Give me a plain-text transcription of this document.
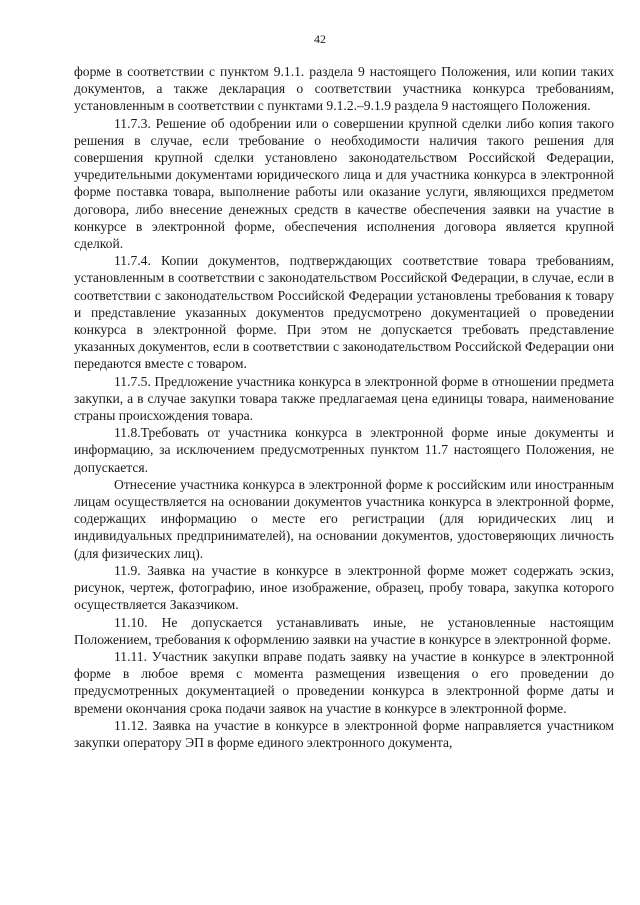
42

форме в соответствии с пунктом 9.1.1. раздела 9 настоящего Положения, или копии таких документов, а также декларация о соответствии участника конкурса требованиям, установленным в соответствии с пунктами 9.1.2.–9.1.9 раздела 9 настоящего Положения.

11.7.3. Решение об одобрении или о совершении крупной сделки либо копия такого решения в случае, если требование о необходимости наличия такого решения для совершения крупной сделки установлено законодательством Российской Федерации, учредительными документами юридического лица и для участника конкурса в электронной форме поставка товара, выполнение работы или оказание услуги, являющихся предметом договора, либо внесение денежных средств в качестве обеспечения заявки на участие в конкурсе в электронной форме, обеспечения исполнения договора является крупной сделкой.

11.7.4. Копии документов, подтверждающих соответствие товара требованиям, установленным в соответствии с законодательством Российской Федерации, в случае, если в соответствии с законодательством Российской Федерации установлены требования к товару и представление указанных документов предусмотрено документацией о проведении конкурса в электронной форме. При этом не допускается требовать представление указанных документов, если в соответствии с законодательством Российской Федерации они передаются вместе с товаром.

11.7.5. Предложение участника конкурса в электронной форме в отношении предмета закупки, а в случае закупки товара также предлагаемая цена единицы товара, наименование страны происхождения товара.

11.8.Требовать от участника конкурса в электронной форме иные документы и информацию, за исключением предусмотренных пунктом 11.7 настоящего Положения, не допускается.

Отнесение участника конкурса в электронной форме к российским или иностранным лицам осуществляется на основании документов участника конкурса в электронной форме, содержащих информацию о месте его регистрации (для юридических лиц и индивидуальных предпринимателей), на основании документов, удостоверяющих личность (для физических лиц).

11.9. Заявка на участие в конкурсе в электронной форме может содержать эскиз, рисунок, чертеж, фотографию, иное изображение, образец, пробу товара, закупка которого осуществляется Заказчиком.

11.10. Не допускается устанавливать иные, не установленные настоящим Положением, требования к оформлению заявки на участие в конкурсе в электронной форме.

11.11. Участник закупки вправе подать заявку на участие в конкурсе в электронной форме в любое время с момента размещения извещения о его проведении до предусмотренных документацией о проведении конкурса в электронной форме даты и времени окончания срока подачи заявок на участие в конкурсе в электронной форме.

11.12. Заявка на участие в конкурсе в электронной форме направляется участником закупки оператору ЭП в форме единого электронного документа,
